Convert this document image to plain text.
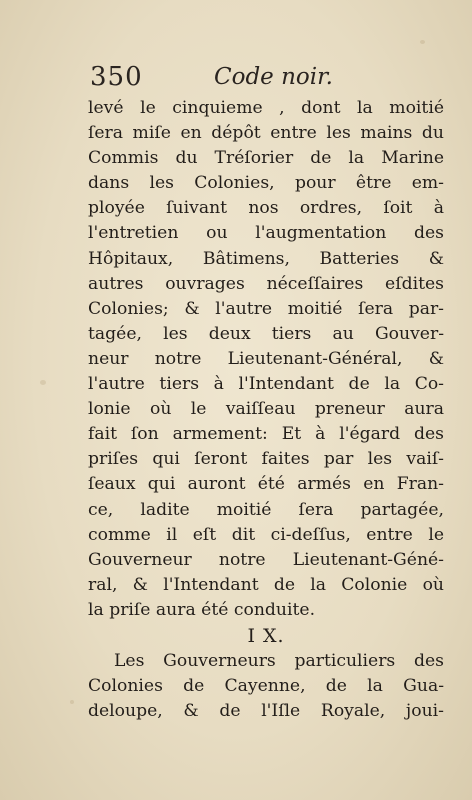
350	Code noir.
levé le cinquieme , dont la moitié
ſera miſe en dépôt entre les mains du
Commis du Tréſorier de la Marine
dans les Colonies, pour être em-
ployée ſuivant nos ordres, ſoit à
l'entretien ou l'augmentation des
Hôpitaux, Bâtimens, Batteries &
autres ouvrages néceſſaires eſdites
Colonies; & l'autre moitié ſera par-
tagée, les deux tiers au Gouver-
neur notre Lieutenant-Général, &
l'autre tiers à l'Intendant de la Co-
lonie où le vaiſſeau preneur aura
fait ſon armement: Et à l'égard des
priſes qui ſeront faites par les vaiſ-
ſeaux qui auront été armés en Fran-
ce, ladite moitié ſera partagée,
comme il eſt dit ci-deſſus, entre le
Gouverneur notre Lieutenant-Géné-
ral, & l'Intendant de la Colonie où
la priſe aura été conduite.
I X.
Les Gouverneurs particuliers des
Colonies de Cayenne, de la Gua-
deloupe, & de l'Iſle Royale, joui-
